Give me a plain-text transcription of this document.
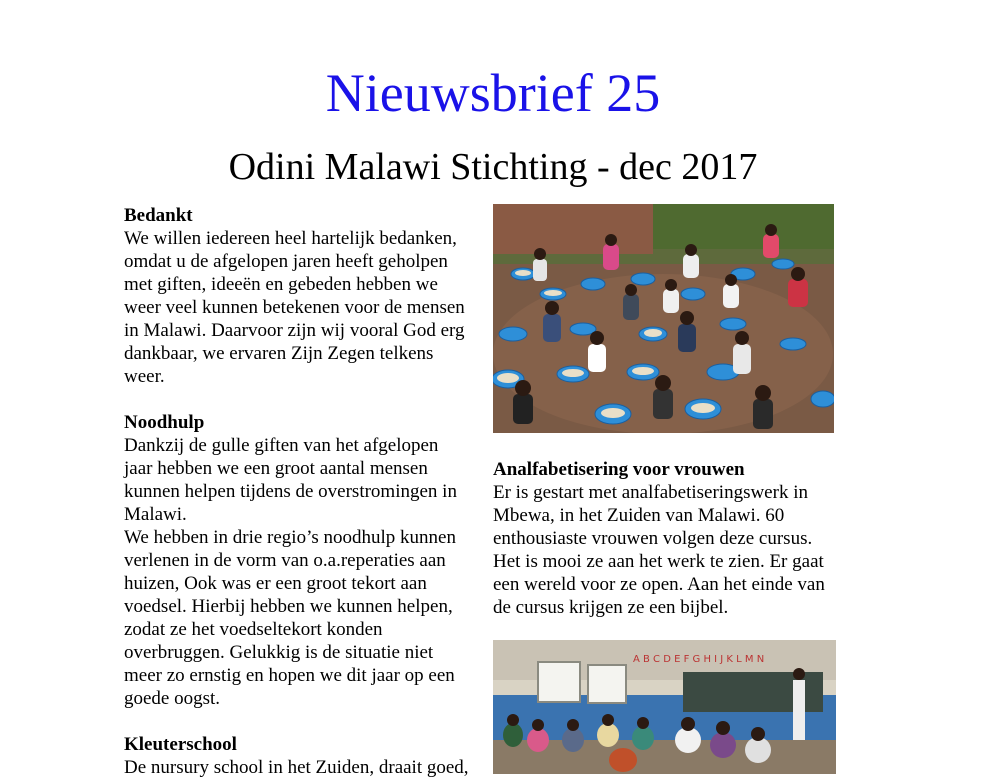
Nieuwsbrief 25
Odini Malawi Stichting - dec 2017

Bedankt

We willen iedereen heel hartelijk bedanken,
omdat u de afgelopen jaren heeft geholpen
met giften, ideeën en gebeden hebben we
weer veel kunnen betekenen voor de mensen
in Malawi. Daarvoor zijn wij vooral God erg
dankbaar, we ervaren Zijn Zegen telkens
weer.

Noodhulp

Dankzij de gulle giften van het afgelopen
jaar hebben we een groot aantal mensen
kunnen helpen tijdens de overstromingen in
Malawi.
We hebben in drie regio’s noodhulp kunnen
verlenen in de vorm van o.a.reperaties aan
huizen, Ook was er een groot tekort aan
voedsel. Hierbij hebben we kunnen helpen,
zodat ze het voedseltekort konden
overbruggen. Gelukkig is de situatie niet
meer zo ernstig en hopen we dit jaar op een
goede oogst.

Kleuterschool

De nursury school in het Zuiden, draait goed,

Analfabetisering voor vrouwen

Er is gestart met analfabetiseringswerk in
Mbewa, in het Zuiden van Malawi. 60
enthousiaste vrouwen volgen deze cursus.
Het is mooi ze aan het werk te zien. Er gaat
een wereld voor ze open. Aan het einde van
de cursus krijgen ze een bijbel.

A B C D E F G H I J K L M N
